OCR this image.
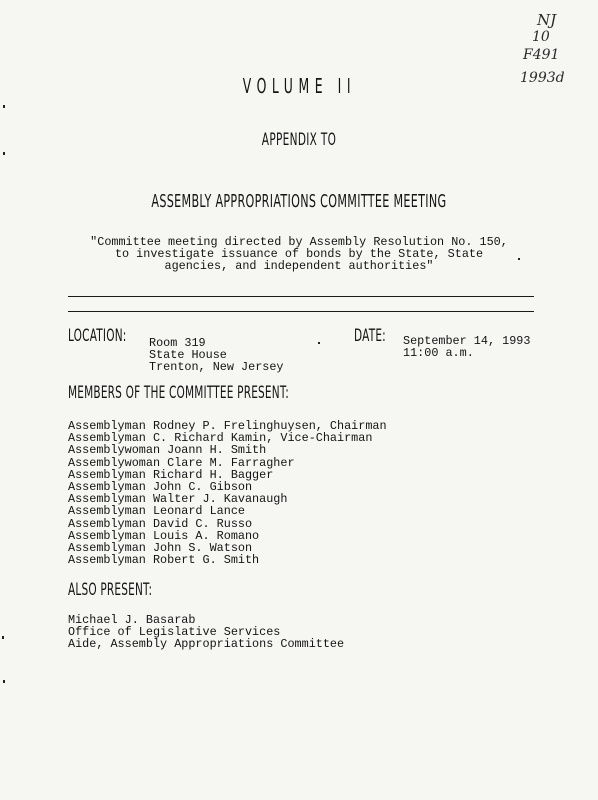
NJ
10
F491
1993d
VOLUME II
APPENDIX TO
ASSEMBLY APPROPRIATIONS COMMITTEE MEETING
"Committee meeting directed by Assembly Resolution No. 150,
to investigate issuance of bonds by the State, State
agencies, and independent authorities"
LOCATION:	Room 319
State House
Trenton, New Jersey
DATE:	September 14, 1993
11:00 a.m.
MEMBERS OF THE COMMITTEE PRESENT:
Assemblyman Rodney P. Frelinghuysen, Chairman
Assemblyman C. Richard Kamin, Vice-Chairman
Assemblywoman Joann H. Smith
Assemblywoman Clare M. Farragher
Assemblyman Richard H. Bagger
Assemblyman John C. Gibson
Assemblyman Walter J. Kavanaugh
Assemblyman Leonard Lance
Assemblyman David C. Russo
Assemblyman Louis A. Romano
Assemblyman John S. Watson
Assemblyman Robert G. Smith
ALSO PRESENT:
Michael J. Basarab
Office of Legislative Services
Aide, Assembly Appropriations Committee
